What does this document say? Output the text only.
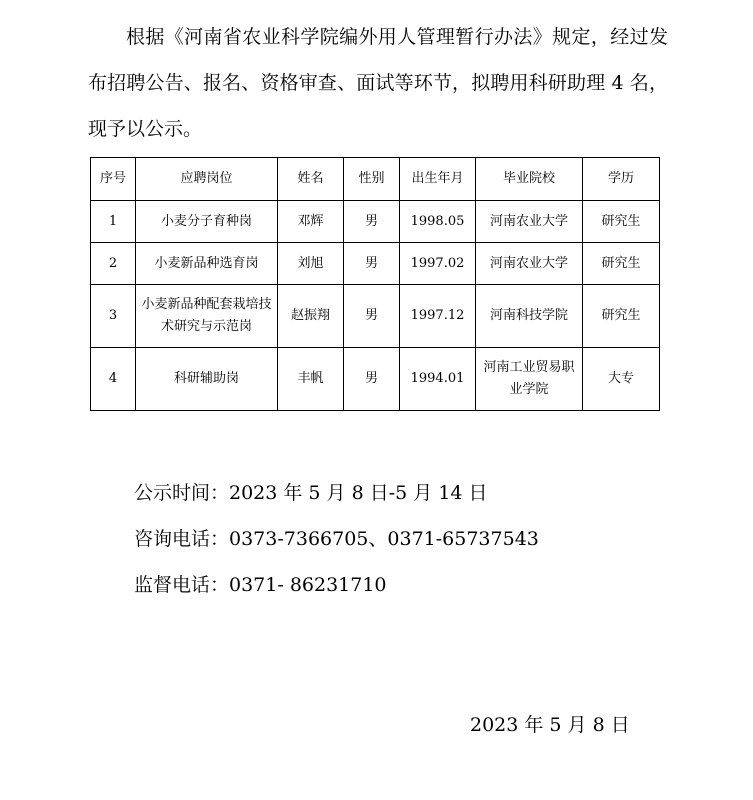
根据《河南省农业科学院编外用人管理暂行办法》规定，经过发布招聘公告、报名、资格审查、面试等环节，拟聘用科研助理 4 名，现予以公示。

序号	应聘岗位	姓名	性别	出生年月	毕业院校	学历
1	小麦分子育种岗	邓辉	男	1998.05	河南农业大学	研究生
2	小麦新品种选育岗	刘旭	男	1997.02	河南农业大学	研究生
3	小麦新品种配套栽培技术研究与示范岗	赵振翔	男	1997.12	河南科技学院	研究生
4	科研辅助岗	丰帆	男	1994.01	河南工业贸易职业学院	大专

公示时间：2023 年 5 月 8 日-5 月 14 日

咨询电话：0373-7366705、0371-65737543

监督电话：0371- 86231710

2023 年 5 月 8 日
